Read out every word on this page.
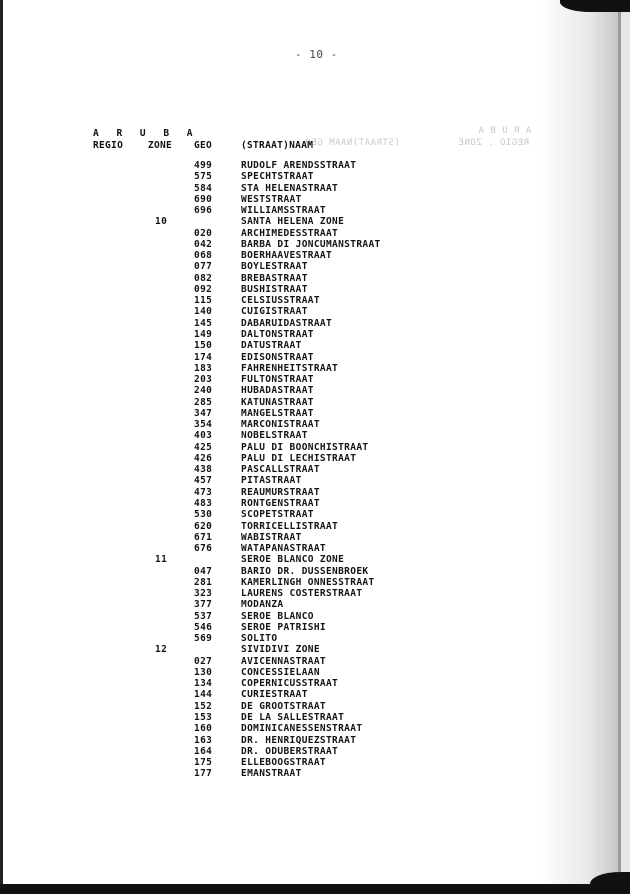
A R U B A
REGIO . ZONE
(STRAAT)NAAM GEO
- 10 -
A R U B A
REGIO	ZONE GEO	(STRAAT)NAAM
499	RUDOLF ARENDSSTRAAT
575	SPECHTSTRAAT
584	STA HELENASTRAAT
690	WESTSTRAAT
696	WILLIAMSSTRAAT
10	SANTA HELENA ZONE
020	ARCHIMEDESSTRAAT
042	BARBA DI JONCUMANSTRAAT
068	BOERHAAVESTRAAT
077	BOYLESTRAAT
082	BREBASTRAAT
092	BUSHISTRAAT
115	CELSIUSSTRAAT
140	CUIGISTRAAT
145	DABARUIDASTRAAT
149	DALTONSTRAAT
150	DATUSTRAAT
174	EDISONSTRAAT
183	FAHRENHEITSTRAAT
203	FULTONSTRAAT
240	HUBADASTRAAT
285	KATUNASTRAAT
347	MANGELSTRAAT
354	MARCONISTRAAT
403	NOBELSTRAAT
425	PALU DI BOONCHISTRAAT
426	PALU DI LECHISTRAAT
438	PASCALLSTRAAT
457	PITASTRAAT
473	REAUMURSTRAAT
483	RONTGENSTRAAT
530	SCOPETSTRAAT
620	TORRICELLISTRAAT
671	WABISTRAAT
676	WATAPANASTRAAT
11	SEROE BLANCO ZONE
047	BARIO DR. DUSSENBROEK
281	KAMERLINGH ONNESSTRAAT
323	LAURENS COSTERSTRAAT
377	MODANZA
537	SEROE BLANCO
546	SEROE PATRISHI
569	SOLITO
12	SIVIDIVI ZONE
027	AVICENNASTRAAT
130	CONCESSIELAAN
134	COPERNICUSSTRAAT
144	CURIESTRAAT
152	DE GROOTSTRAAT
153	DE LA SALLESTRAAT
160	DOMINICANESSENSTRAAT
163	DR. HENRIQUEZSTRAAT
164	DR. ODUBERSTRAAT
175	ELLEBOOGSTRAAT
177	EMANSTRAAT
